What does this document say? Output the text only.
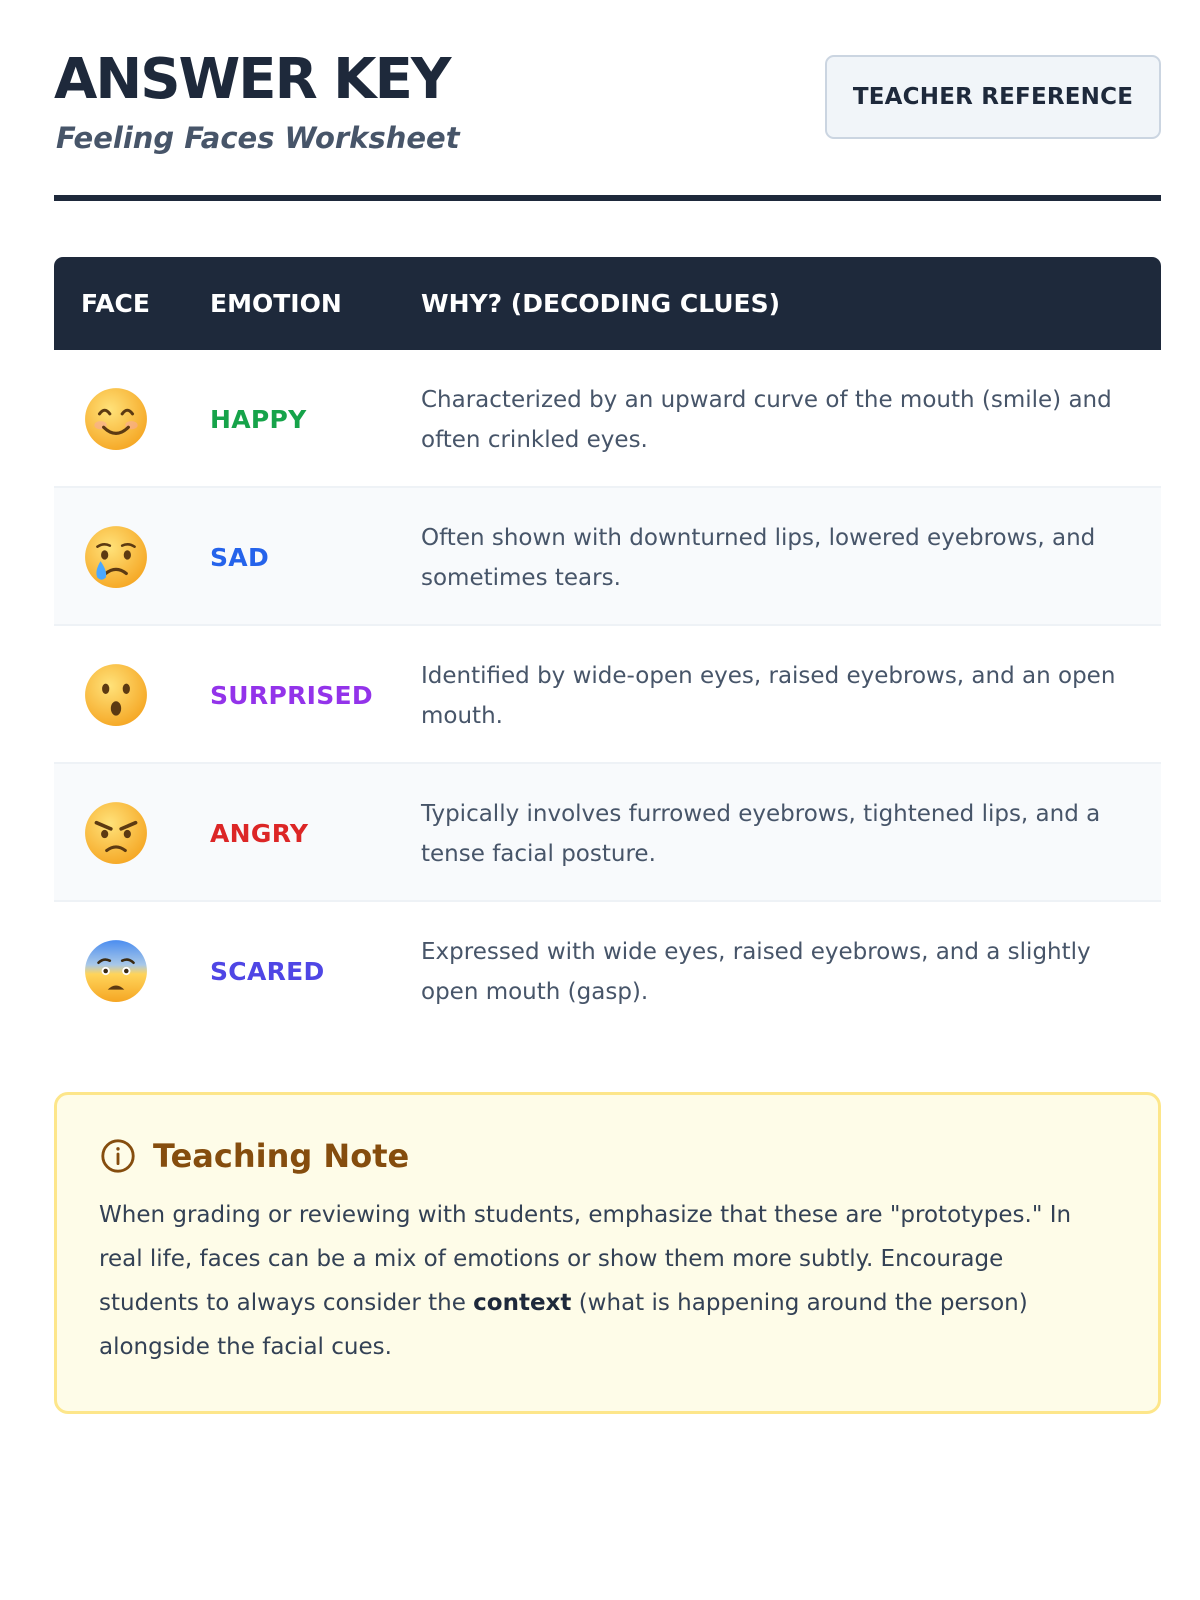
ANSWER KEY
Feeling Faces Worksheet
TEACHER REFERENCE
FACE EMOTION	WHY? (DECODING CLUES)
HAPPY
Characterized by an upward curve of the mouth (smile) and often crinkled eyes.
SAD
Often shown with downturned lips, lowered eyebrows, and sometimes tears.
SURPRISED
Identified by wide-open eyes, raised eyebrows, and an open mouth.
ANGRY
Typically involves furrowed eyebrows, tightened lips, and a tense facial posture.
SCARED
Expressed with wide eyes, raised eyebrows, and a slightly open mouth (gasp).
Teaching Note
When grading or reviewing with students, emphasize that these are "prototypes." In real life, faces can be a mix of emotions or show them more subtly. Encourage students to always consider the context (what is happening around the person) alongside the facial cues.
